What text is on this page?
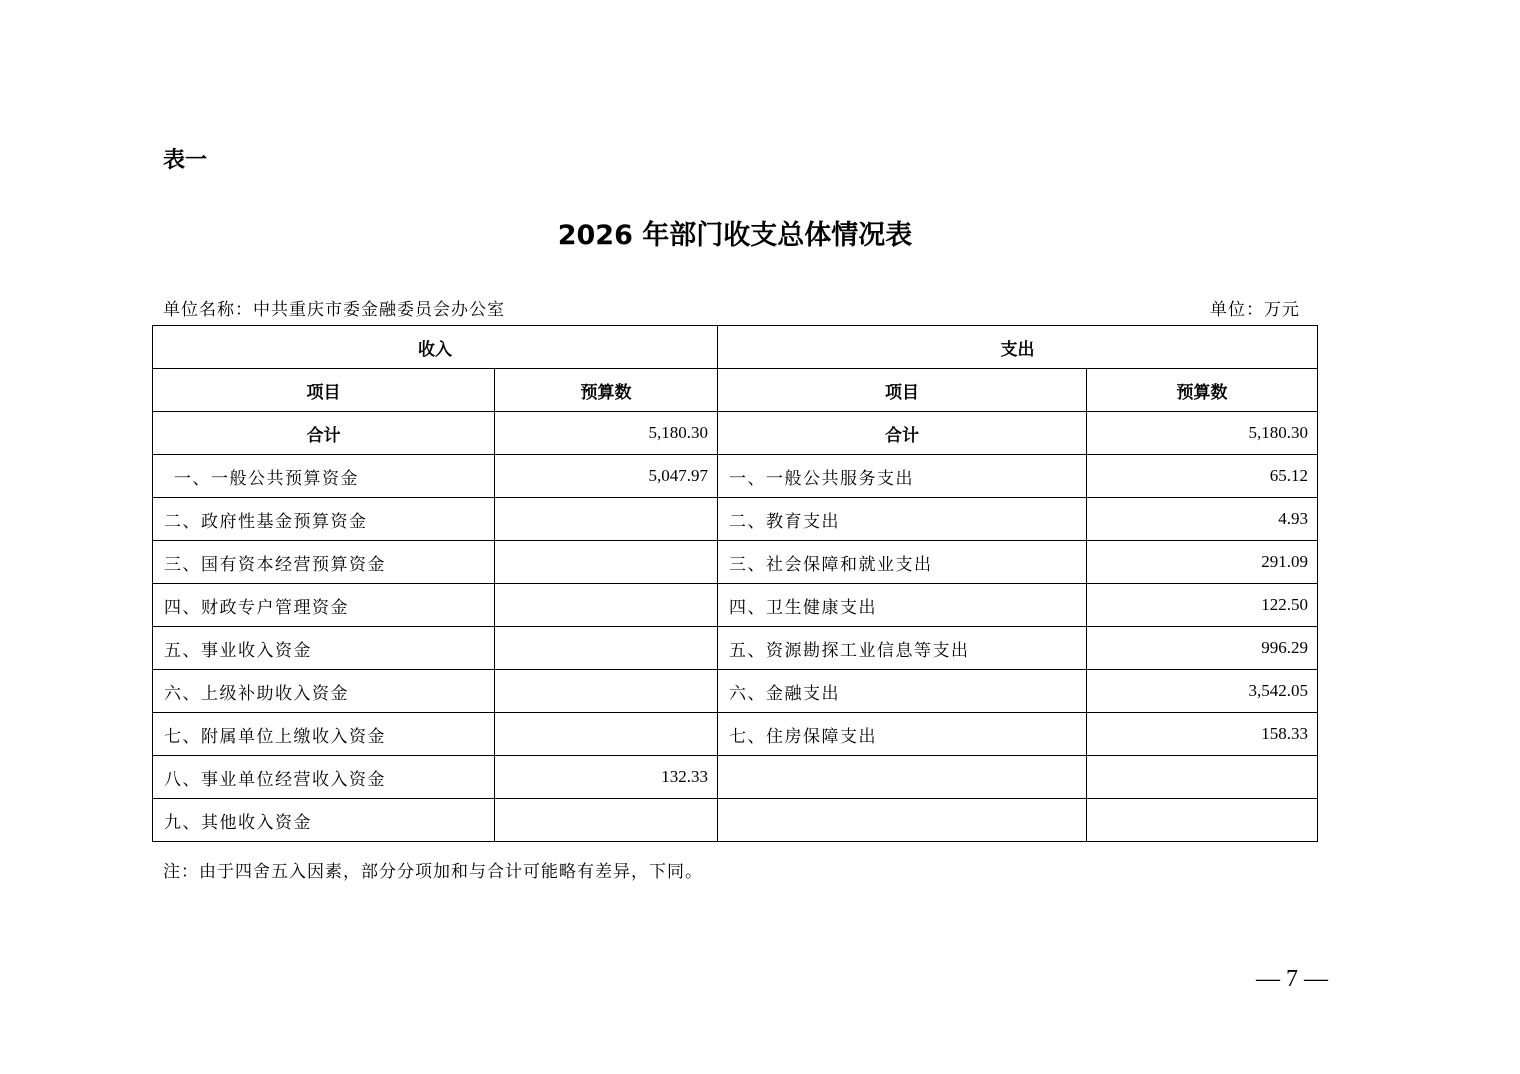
表一
2026 年部门收支总体情况表
单位名称：中共重庆市委金融委员会办公室	单位：万元
收入		支出	
项目	预算数	项目	预算数
合计	5,180.30	合计	5,180.30
一、一般公共预算资金	5,047.97	一、一般公共服务支出	65.12
二、政府性基金预算资金		二、教育支出	4.93
三、国有资本经营预算资金		三、社会保障和就业支出	291.09
四、财政专户管理资金		四、卫生健康支出	122.50
五、事业收入资金		五、资源勘探工业信息等支出	996.29
六、上级补助收入资金		六、金融支出	3,542.05
七、附属单位上缴收入资金		七、住房保障支出	158.33
八、事业单位经营收入资金	132.33		
九、其他收入资金			
注：由于四舍五入因素，部分分项加和与合计可能略有差异，下同。
— 7 —
